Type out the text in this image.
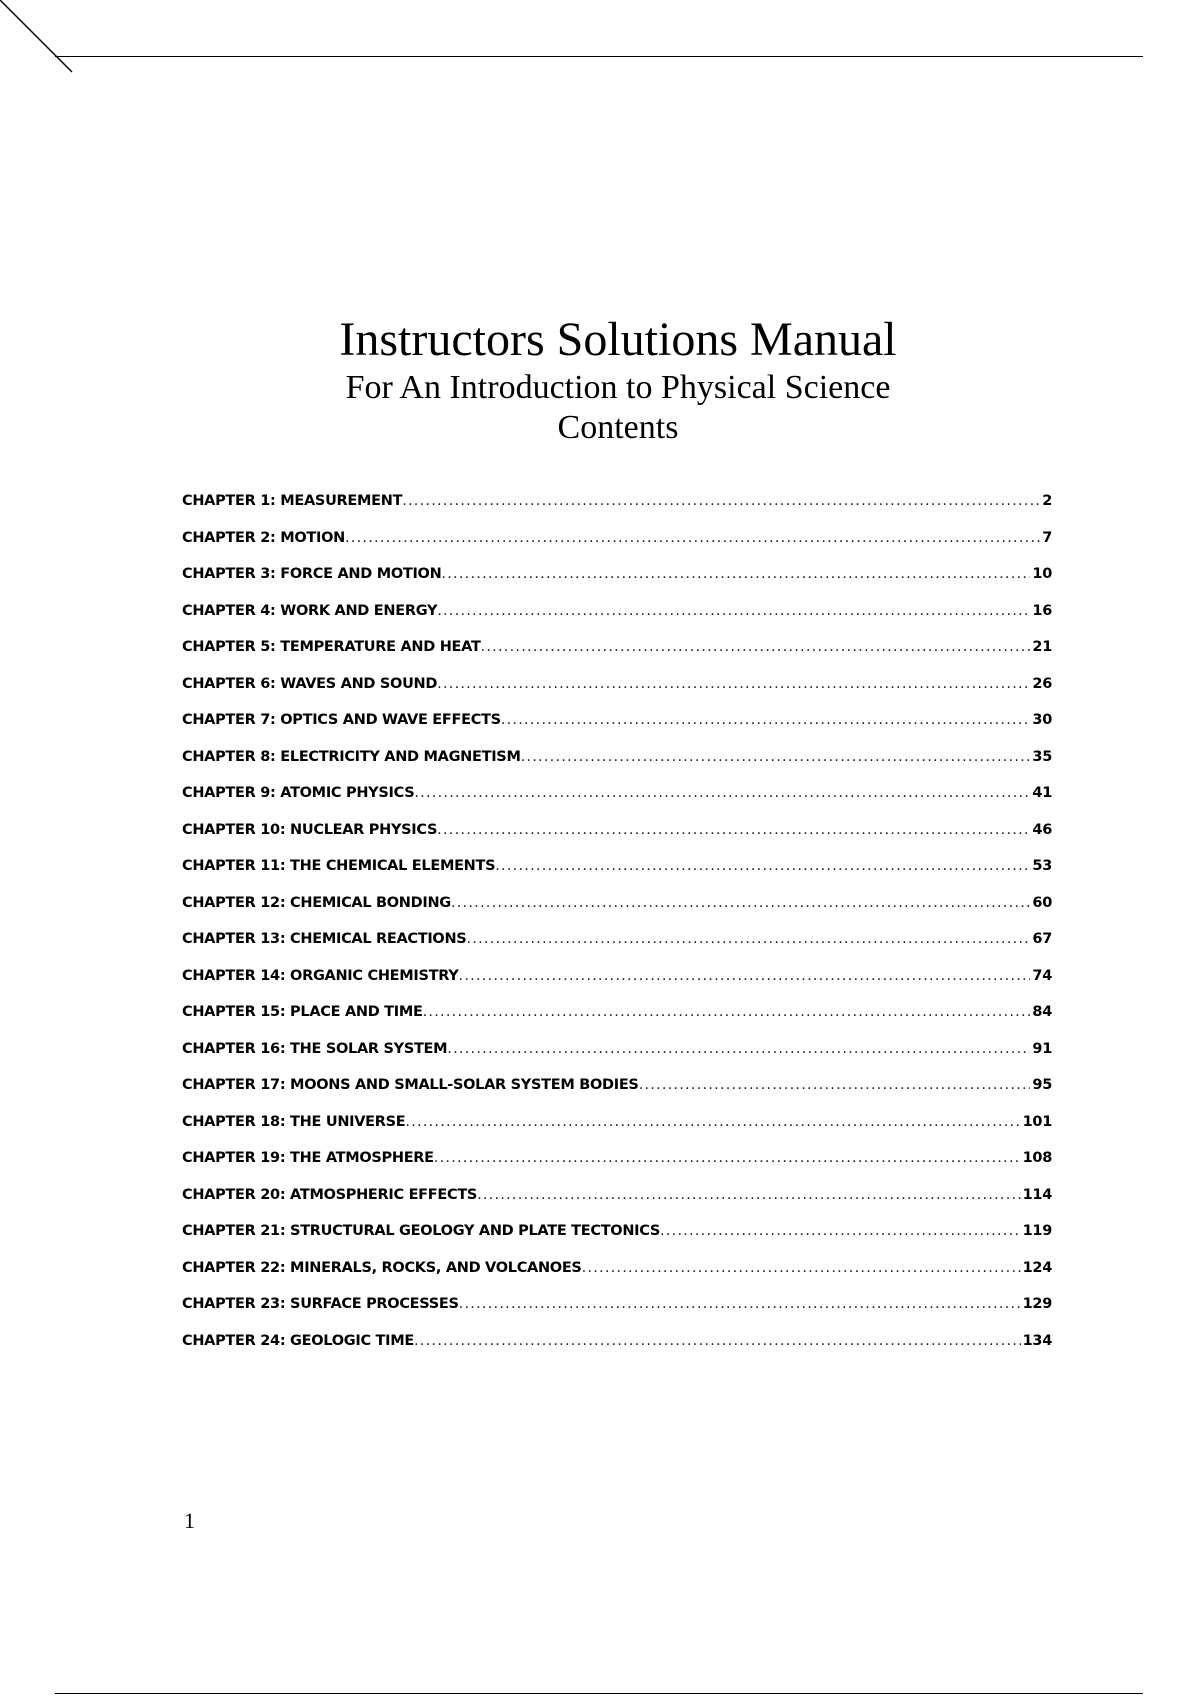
Instructors Solutions Manual
For An Introduction to Physical Science
Contents
CHAPTER 1: MEASUREMENT .....	2
CHAPTER 2: MOTION .....	7
CHAPTER 3: FORCE AND MOTION .....	10
CHAPTER 4: WORK AND ENERGY .....	16
CHAPTER 5: TEMPERATURE AND HEAT .....	21
CHAPTER 6: WAVES AND SOUND .....	26
CHAPTER 7: OPTICS AND WAVE EFFECTS .....	30
CHAPTER 8: ELECTRICITY AND MAGNETISM .....	35
CHAPTER 9: ATOMIC PHYSICS .....	41
CHAPTER 10: NUCLEAR PHYSICS .....	46
CHAPTER 11: THE CHEMICAL ELEMENTS .....	53
CHAPTER 12: CHEMICAL BONDING .....	60
CHAPTER 13: CHEMICAL REACTIONS .....	67
CHAPTER 14: ORGANIC CHEMISTRY .....	74
CHAPTER 15: PLACE AND TIME .....	84
CHAPTER 16: THE SOLAR SYSTEM .....	91
CHAPTER 17: MOONS AND SMALL-SOLAR SYSTEM BODIES .....	95
CHAPTER 18: THE UNIVERSE .....	101
CHAPTER 19: THE ATMOSPHERE .....	108
CHAPTER 20: ATMOSPHERIC EFFECTS .....	114
CHAPTER 21: STRUCTURAL GEOLOGY AND PLATE TECTONICS .....	119
CHAPTER 22: MINERALS, ROCKS, AND VOLCANOES .....	124
CHAPTER 23: SURFACE PROCESSES .....	129
CHAPTER 24: GEOLOGIC TIME .....	134
1
